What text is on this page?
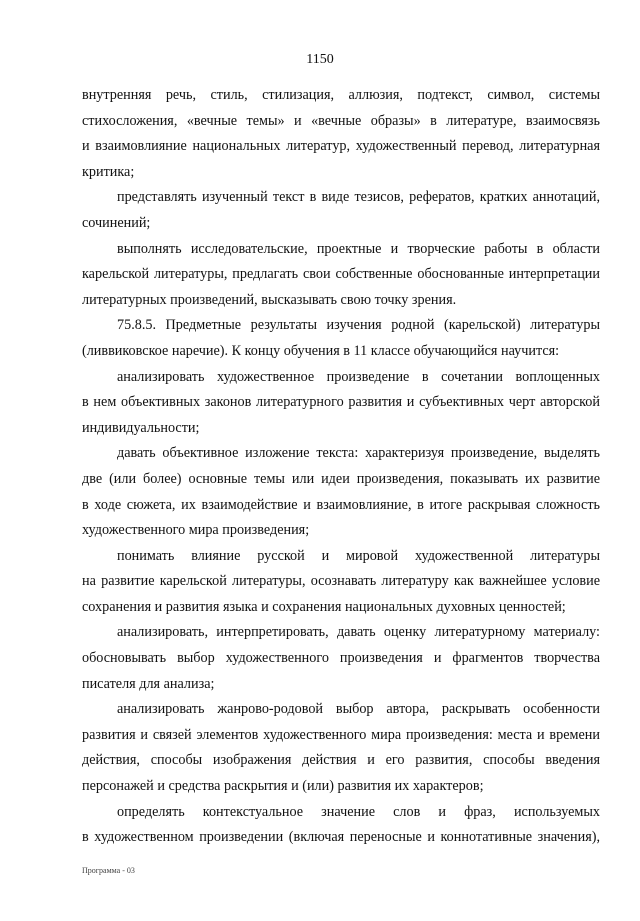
1150
внутренняя речь, стиль, стилизация, аллюзия, подтекст, символ, системы
стихосложения, «вечные темы» и «вечные образы» в литературе, взаимосвязь
и взаимовлияние национальных литератур, художественный перевод, литературная
критика;
представлять изученный текст в виде тезисов, рефератов, кратких аннотаций,
сочинений;
выполнять исследовательские, проектные и творческие работы в области
карельской литературы, предлагать свои собственные обоснованные интерпретации
литературных произведений, высказывать свою точку зрения.
75.8.5. Предметные результаты изучения родной (карельской) литературы
(ливвиковское наречие). К концу обучения в 11 классе обучающийся научится:
анализировать художественное произведение в сочетании воплощенных
в нем объективных законов литературного развития и субъективных черт авторской
индивидуальности;
давать объективное изложение текста: характеризуя произведение, выделять
две (или более) основные темы или идеи произведения, показывать их развитие
в ходе сюжета, их взаимодействие и взаимовлияние, в итоге раскрывая сложность
художественного мира произведения;
понимать влияние русской и мировой художественной литературы
на развитие карельской литературы, осознавать литературу как важнейшее условие
сохранения и развития языка и сохранения национальных духовных ценностей;
анализировать, интерпретировать, давать оценку литературному материалу:
обосновывать выбор художественного произведения и фрагментов творчества
писателя для анализа;
анализировать жанрово-родовой выбор автора, раскрывать особенности
развития и связей элементов художественного мира произведения: места и времени
действия, способы изображения действия и его развития, способы введения
персонажей и средства раскрытия и (или) развития их характеров;
определять контекстуальное значение слов и фраз, используемых
в художественном произведении (включая переносные и коннотативные значения),
Программа - 03
